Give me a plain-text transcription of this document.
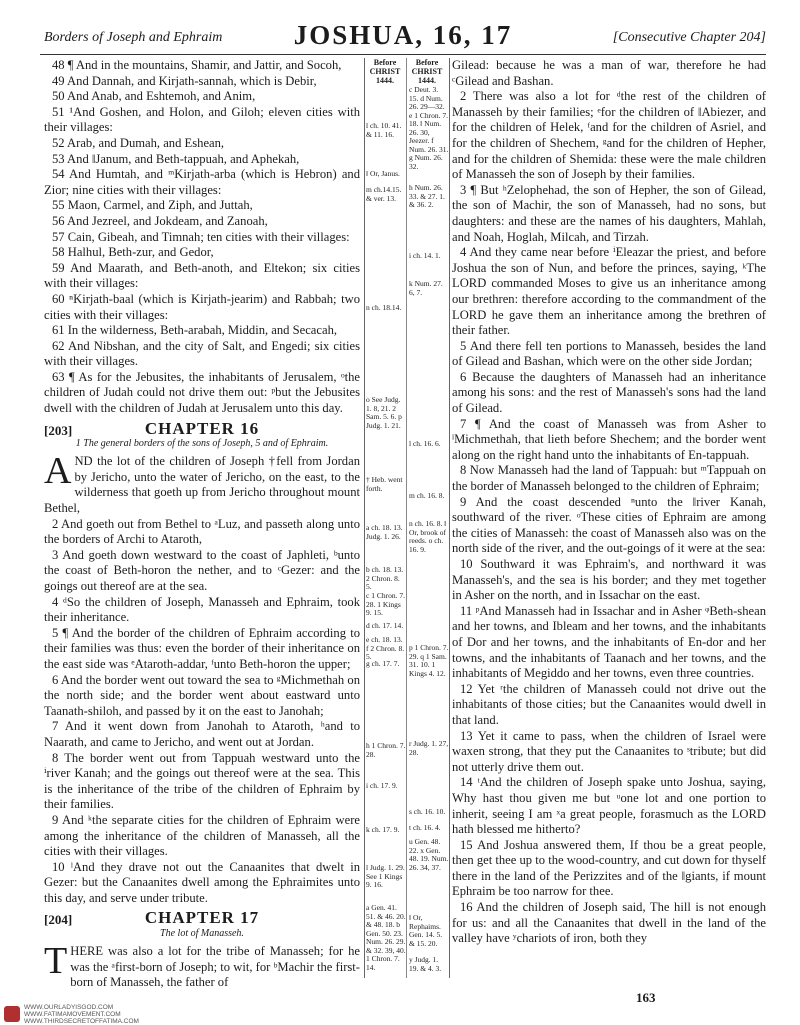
Borders of Joseph and Ephraim	JOSHUA, 16, 17	[Consecutive Chapter 204]

48 ¶ And in the mountains, Shamir, and Jattir, and Socoh,

49 And Dannah, and Kirjath-sannah, which is Debir,

50 And Anab, and Eshtemoh, and Anim,

51 ¹And Goshen, and Holon, and Giloh; eleven cities with their villages:

52 Arab, and Dumah, and Eshean,

53 And ‖Janum, and Beth-tappuah, and Aphekah,

54 And Humtah, and ᵐKirjath-arba (which is Hebron) and Zior; nine cities with their villages:

55 Maon, Carmel, and Ziph, and Juttah,

56 And Jezreel, and Jokdeam, and Zanoah,

57 Cain, Gibeah, and Timnah; ten cities with their villages:

58 Halhul, Beth-zur, and Gedor,

59 And Maarath, and Beth-anoth, and Eltekon; six cities with their villages:

60 ⁿKirjath-baal (which is Kirjath-jearim) and Rabbah; two cities with their villages:

61 In the wilderness, Beth-arabah, Middin, and Secacah,

62 And Nibshan, and the city of Salt, and Engedi; six cities with their villages.

63 ¶ As for the Jebusites, the inhabitants of Jerusalem, ᵒthe children of Judah could not drive them out: ᵖbut the Jebusites dwell with the children of Judah at Jerusalem unto this day.

[203]	CHAPTER 16
1 The general borders of the sons of Joseph, 5 and of Ephraim.

AND the lot of the children of Joseph †fell from Jordan by Jericho, unto the water of Jericho, on the east, to the wilderness that goeth up from Jericho throughout mount Bethel,

2 And goeth out from Bethel to ᵃLuz, and passeth along unto the borders of Archi to Ataroth,

3 And goeth down westward to the coast of Japhleti, ᵇunto the coast of Beth-horon the nether, and to ᶜGezer: and the goings out thereof are at the sea.

4 ᵈSo the children of Joseph, Manasseh and Ephraim, took their inheritance.

5 ¶ And the border of the children of Ephraim according to their families was thus: even the border of their inheritance on the east side was ᵉAtaroth-addar, ᶠunto Beth-horon the upper;

6 And the border went out toward the sea to ᵍMichmethah on the north side; and the border went about eastward unto Taanath-shiloh, and passed by it on the east to Janohah;

7 And it went down from Janohah to Ataroth, ʰand to Naarath, and came to Jericho, and went out at Jordan.

8 The border went out from Tappuah westward unto the ⁱriver Kanah; and the goings out thereof were at the sea. This is the inheritance of the tribe of the children of Ephraim by their families.

9 And ᵏthe separate cities for the children of Ephraim were among the inheritance of the children of Manasseh, all the cities with their villages.

10 ˡAnd they drave not out the Canaanites that dwelt in Gezer: but the Canaanites dwell among the Ephraimites unto this day, and serve under tribute.

[204]	CHAPTER 17
The lot of Manasseh.

THERE was also a lot for the tribe of Manasseh; for he was the ᵃfirst-born of Joseph; to wit, for ᵇMachir the first-born of Manasseh, the father of

Before CHRIST 1444.
Before CHRIST 1444.
l ch. 10. 41. & 11. 16.
‖ Or, Janus.
m ch.14.15. & ver. 13.
n ch. 18.14.
o See Judg. 1. 8, 21. 2 Sam. 5. 6. p Judg. 1. 21.
† Heb. went forth.
a ch. 18. 13. Judg. 1. 26.
b ch. 18. 13. 2 Chron. 8. 5.
c 1 Chron. 7. 28. 1 Kings 9. 15.
d ch. 17. 14.
e ch. 18. 13. f 2 Chron. 8. 5.
g ch. 17. 7.
h 1 Chron. 7. 28.
i ch. 17. 9.
k ch. 17. 9.
l Judg. 1. 29. See 1 Kings 9. 16.
a Gen. 41. 51. & 46. 20. & 48. 18. b Gen. 50. 23. Num. 26. 29. & 32. 39, 40. 1 Chron. 7. 14.
c Deut. 3. 15. d Num. 26. 29—32. e 1 Chron. 7. 18. ‖ Num. 26. 30, Jeezer. f Num. 26. 31. g Num. 26. 32.
h Num. 26. 33. & 27. 1. & 36. 2.
i ch. 14. 1.
k Num. 27. 6, 7.
l ch. 16. 6.
m ch. 16. 8.
n ch. 16. 8. ‖ Or, brook of reeds. o ch. 16. 9.
p 1 Chron. 7. 29. q 1 Sam. 31. 10. 1 Kings 4. 12.
r Judg. 1. 27, 28.
s ch. 16. 10.
t ch. 16. 4.
u Gen. 48. 22. x Gen. 48. 19. Num. 26. 34, 37.
‖ Or, Rephaims. Gen. 14. 5. & 15. 20.
y Judg. 1. 19. & 4. 3.

Gilead: because he was a man of war, therefore he had ᶜGilead and Bashan.

2 There was also a lot for ᵈthe rest of the children of Manasseh by their families; ᵉfor the children of ‖Abiezer, and for the children of Helek, ᶠand for the children of Asriel, and for the children of Shechem, ᵍand for the children of Hepher, and for the children of Shemida: these were the male children of Manasseh the son of Joseph by their families.

3 ¶ But ʰZelophehad, the son of Hepher, the son of Gilead, the son of Machir, the son of Manasseh, had no sons, but daughters: and these are the names of his daughters, Mahlah, and Noah, Hoglah, Milcah, and Tirzah.

4 And they came near before ⁱEleazar the priest, and before Joshua the son of Nun, and before the princes, saying, ᵏThe LORD commanded Moses to give us an inheritance among our brethren: therefore according to the commandment of the LORD he gave them an inheritance among the brethren of their father.

5 And there fell ten portions to Manasseh, besides the land of Gilead and Bashan, which were on the other side Jordan;

6 Because the daughters of Manasseh had an inheritance among his sons: and the rest of Manasseh's sons had the land of Gilead.

7 ¶ And the coast of Manasseh was from Asher to ˡMichmethah, that lieth before Shechem; and the border went along on the right hand unto the inhabitants of En-tappuah.

8 Now Manasseh had the land of Tappuah: but ᵐTappuah on the border of Manasseh belonged to the children of Ephraim;

9 And the coast descended ⁿunto the ‖river Kanah, southward of the river. ᵒThese cities of Ephraim are among the cities of Manasseh: the coast of Manasseh also was on the north side of the river, and the out-goings of it were at the sea:

10 Southward it was Ephraim's, and northward it was Manasseh's, and the sea is his border; and they met together in Asher on the north, and in Issachar on the east.

11 ᵖAnd Manasseh had in Issachar and in Asher ᵠBeth-shean and her towns, and Ibleam and her towns, and the inhabitants of Dor and her towns, and the inhabitants of En-dor and her towns, and the inhabitants of Taanach and her towns, and the inhabitants of Megiddo and her towns, even three countries.

12 Yet ʳthe children of Manasseh could not drive out the inhabitants of those cities; but the Canaanites would dwell in that land.

13 Yet it came to pass, when the children of Israel were waxen strong, that they put the Canaanites to ˢtribute; but did not utterly drive them out.

14 ᵗAnd the children of Joseph spake unto Joshua, saying, Why hast thou given me but ᵘone lot and one portion to inherit, seeing I am ˣa great people, forasmuch as the LORD hath blessed me hitherto?

15 And Joshua answered them, If thou be a great people, then get thee up to the wood-country, and cut down for thyself there in the land of the Perizzites and of the ‖giants, if mount Ephraim be too narrow for thee.

16 And the children of Joseph said, The hill is not enough for us: and all the Canaanites that dwell in the land of the valley have ʸchariots of iron, both they

163
WWW.OURLADYISGOD.COM
WWW.FATIMAMOVEMENT.COM
WWW.THIRDSECRETOFFATIMA.COM
